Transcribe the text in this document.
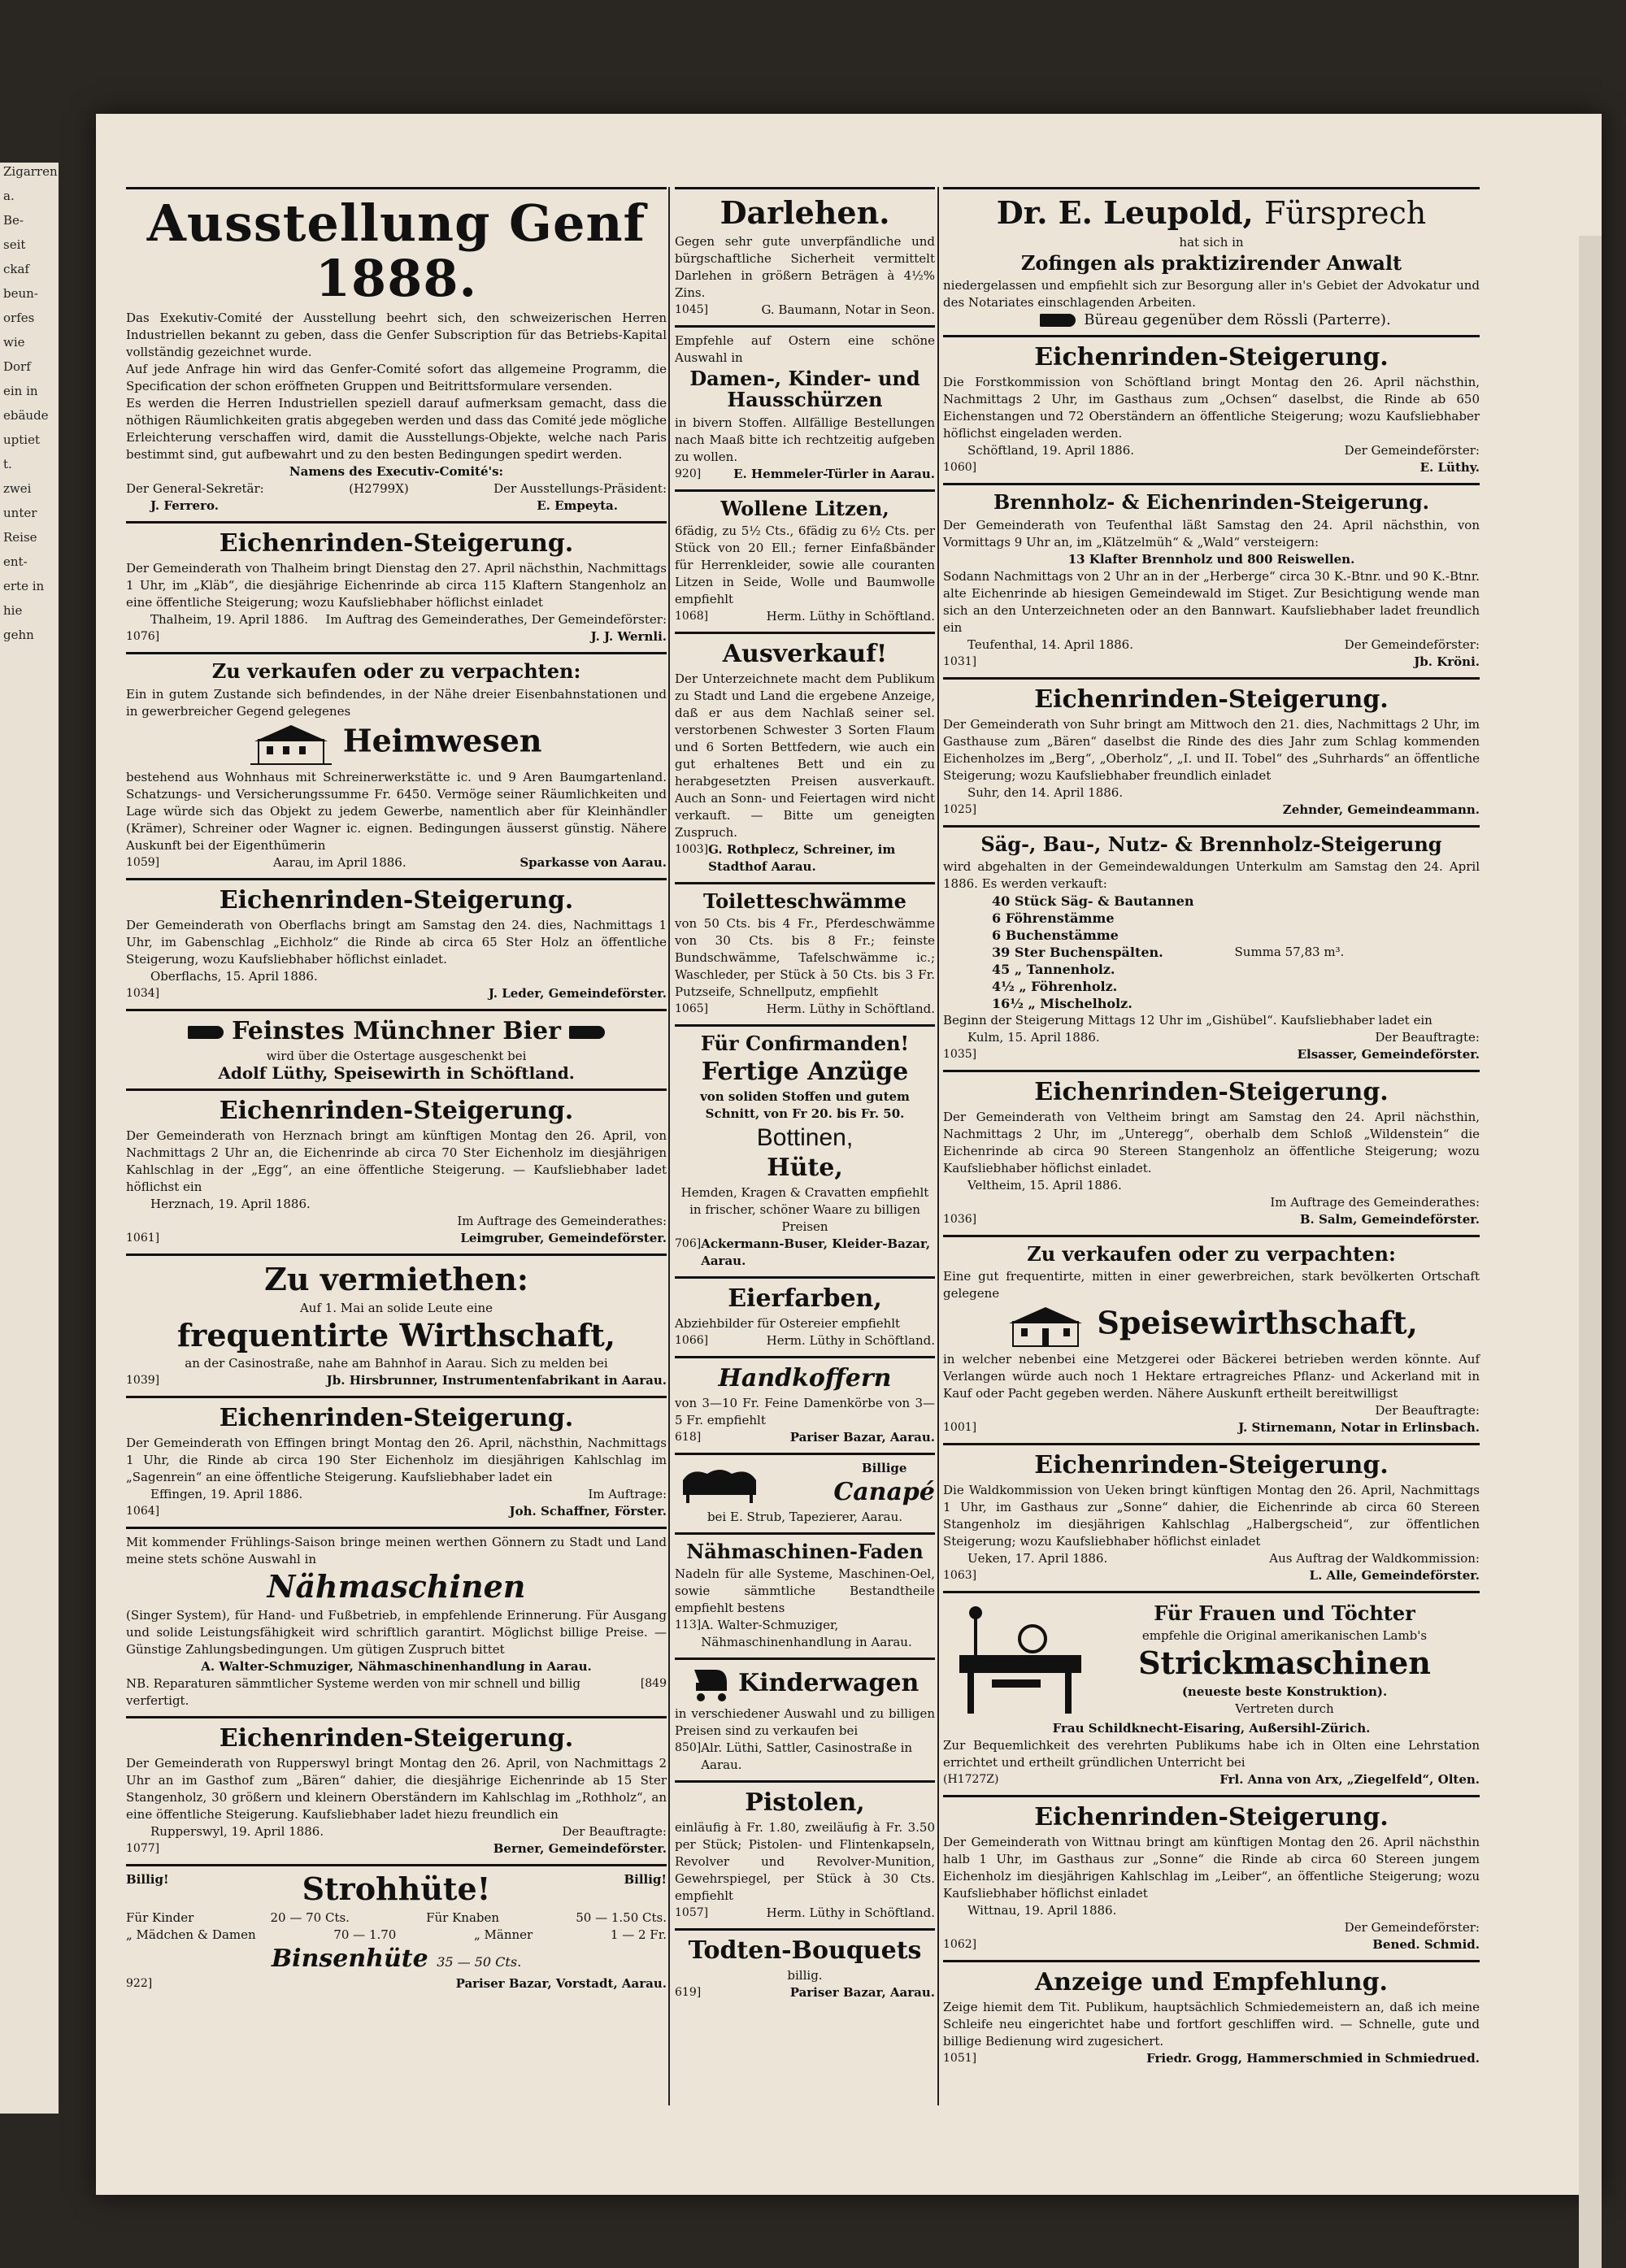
Zigarren

a.

Be-

seit

ckaf

beun-

orfes

wie

Dorf

ein in

ebäude

uptiet

t.

zwei

unter

Reise

ent-

erte in

hie

gehn

Ausstellung Genf 1888.

Das Exekutiv-Comité der Ausstellung beehrt sich, den schweizerischen Herren Industriellen bekannt zu geben, dass die Genfer Subscription für das Betriebs-Kapital vollständig gezeichnet wurde.

Auf jede Anfrage hin wird das Genfer-Comité sofort das allgemeine Programm, die Specification der schon eröffneten Gruppen und Beitrittsformulare versenden.

Es werden die Herren Industriellen speziell darauf aufmerksam gemacht, dass die nöthigen Räumlichkeiten gratis abgegeben werden und dass das Comité jede mögliche Erleichterung verschaffen wird, damit die Ausstellungs-Objekte, welche nach Paris bestimmt sind, gut aufbewahrt und zu den besten Bedingungen spedirt werden.

Namens des Executiv-Comité's:

Der General-Sekretär:	(H2799X)	Der Ausstellungs-Präsident:
J. Ferrero.	E. Empeyta.
Eichenrinden-Steigerung.

Der Gemeinderath von Thalheim bringt Dienstag den 27. April nächsthin, Nachmittags 1 Uhr, im „Kläb“, die diesjährige Eichenrinde ab circa 115 Klaftern Stangenholz an eine öffentliche Steigerung; wozu Kaufsliebhaber höflichst einladet

Thalheim, 19. April 1886. Im Auftrag des Gemeinderathes, Der Gemeindeförster:
1076]	J. J. Wernli.
Zu verkaufen oder zu verpachten:

Ein in gutem Zustande sich befindendes, in der Nähe dreier Eisenbahnstationen und in gewerbreicher Gegend gelegenes

Heimwesen

bestehend aus Wohnhaus mit Schreinerwerkstätte ic. und 9 Aren Baumgartenland. Schatzungs- und Versicherungssumme Fr. 6450. Vermöge seiner Räumlichkeiten und Lage würde sich das Objekt zu jedem Gewerbe, namentlich aber für Kleinhändler (Krämer), Schreiner oder Wagner ic. eignen. Bedingungen äusserst günstig. Nähere Auskunft bei der Eigenthümerin

1059]	Aarau, im April 1886.	Sparkasse von Aarau.
Eichenrinden-Steigerung.

Der Gemeinderath von Oberflachs bringt am Samstag den 24. dies, Nachmittags 1 Uhr, im Gabenschlag „Eichholz“ die Rinde ab circa 65 Ster Holz an öffentliche Steigerung, wozu Kaufsliebhaber höflichst einladet.

Oberflachs, 15. April 1886.

1034]	J. Leder, Gemeindeförster.
Feinstes Münchner Bier

wird über die Ostertage ausgeschenkt bei

Adolf Lüthy, Speisewirth in Schöftland.

Eichenrinden-Steigerung.

Der Gemeinderath von Herznach bringt am künftigen Montag den 26. April, von Nachmittags 2 Uhr an, die Eichenrinde ab circa 70 Ster Eichenholz im diesjährigen Kahlschlag in der „Egg“, an eine öffentliche Steigerung. — Kaufsliebhaber ladet höflichst ein

Herznach, 19. April 1886.

Im Auftrage des Gemeinderathes:

1061]	Leimgruber, Gemeindeförster.
Zu vermiethen:

Auf 1. Mai an solide Leute eine

frequentirte Wirthschaft,

an der Casinostraße, nahe am Bahnhof in Aarau. Sich zu melden bei

1039]	Jb. Hirsbrunner, Instrumentenfabrikant in Aarau.
Eichenrinden-Steigerung.

Der Gemeinderath von Effingen bringt Montag den 26. April, nächsthin, Nachmittags 1 Uhr, die Rinde ab circa 190 Ster Eichenholz im diesjährigen Kahlschlag im „Sagenrein“ an eine öffentliche Steigerung. Kaufsliebhaber ladet ein

Effingen, 19. April 1886.	Im Auftrage:
1064]	Joh. Schaffner, Förster.

Mit kommender Frühlings-Saison bringe meinen werthen Gönnern zu Stadt und Land meine stets schöne Auswahl in

Nähmaschinen

(Singer System), für Hand- und Fußbetrieb, in empfehlende Erinnerung. Für Ausgang und solide Leistungsfähigkeit wird schriftlich garantirt. Möglichst billige Preise. — Günstige Zahlungsbedingungen. Um gütigen Zuspruch bittet

A. Walter-Schmuziger, Nähmaschinenhandlung in Aarau.

NB. Reparaturen sämmtlicher Systeme werden von mir schnell und billig verfertigt.
[849
Eichenrinden-Steigerung.

Der Gemeinderath von Rupperswyl bringt Montag den 26. April, von Nachmittags 2 Uhr an im Gasthof zum „Bären“ dahier, die diesjährige Eichenrinde ab 15 Ster Stangenholz, 30 größern und kleinern Oberständern im Kahlschlag im „Rothholz“, an eine öffentliche Steigerung. Kaufsliebhaber ladet hiezu freundlich ein

Rupperswyl, 19. April 1886.	Der Beauftragte:
1077]	Berner, Gemeindeförster.
Billig!	Billig!
Strohhüte!
Für Kinder	20 — 70 Cts.	Für Knaben	50 — 1.50 Cts.
„ Mädchen & Damen	70 — 1.70	„ Männer	1 — 2 Fr.
Binsenhüte 35 — 50 Cts.
922]	Pariser Bazar, Vorstadt, Aarau.
Darlehen.

Gegen sehr gute unverpfändliche und bürgschaftliche Sicherheit vermittelt Darlehen in größern Beträgen à 4½% Zins.

1045]	G. Baumann, Notar in Seon.

Empfehle auf Ostern eine schöne Auswahl in

Damen-, Kinder- und Hausschürzen

in bivern Stoffen. Allfällige Bestellungen nach Maaß bitte ich rechtzeitig aufgeben zu wollen.

920]	E. Hemmeler-Türler in Aarau.
Wollene Litzen,

6fädig, zu 5½ Cts., 6fädig zu 6½ Cts. per Stück von 20 Ell.; ferner Einfaßbänder für Herrenkleider, sowie alle couranten Litzen in Seide, Wolle und Baumwolle empfiehlt

1068]	Herm. Lüthy in Schöftland.
Ausverkauf!

Der Unterzeichnete macht dem Publikum zu Stadt und Land die ergebene Anzeige, daß er aus dem Nachlaß seiner sel. verstorbenen Schwester 3 Sorten Flaum und 6 Sorten Bettfedern, wie auch ein gut erhaltenes Bett und ein zu herabgesetzten Preisen ausverkauft. Auch an Sonn- und Feiertagen wird nicht verkauft. — Bitte um geneigten Zuspruch.

1003] G. Rothplecz, Schreiner, im Stadthof Aarau.
Toiletteschwämme

von 50 Cts. bis 4 Fr., Pferdeschwämme von 30 Cts. bis 8 Fr.; feinste Bundschwämme, Tafelschwämme ic.; Waschleder, per Stück à 50 Cts. bis 3 Fr. Putzseife, Schnellputz, empfiehlt

1065]	Herm. Lüthy in Schöftland.
Für Confirmanden!
Fertige Anzüge

von soliden Stoffen und gutem Schnitt, von Fr 20. bis Fr. 50.

Bottinen,
Hüte,

Hemden, Kragen & Cravatten empfiehlt in frischer, schöner Waare zu billigen Preisen

706] Ackermann-Buser, Kleider-Bazar, Aarau.
Eierfarben,

Abziehbilder für Ostereier empfiehlt

1066]	Herm. Lüthy in Schöftland.
Handkoffern

von 3—10 Fr. Feine Damenkörbe von 3—5 Fr. empfiehlt

618]	Pariser Bazar, Aarau.
Billige
Canapé

bei E. Strub, Tapezierer, Aarau.

Nähmaschinen-Faden

Nadeln für alle Systeme, Maschinen-Oel, sowie sämmtliche Bestandtheile empfiehlt bestens

113] A. Walter-Schmuziger, Nähmaschinenhandlung in Aarau.
Kinderwagen

in verschiedener Auswahl und zu billigen Preisen sind zu verkaufen bei

850] Alr. Lüthi, Sattler, Casinostraße in Aarau.
Pistolen,

einläufig à Fr. 1.80, zweiläufig à Fr. 3.50 per Stück; Pistolen- und Flintenkapseln, Revolver und Revolver-Munition, Gewehrspiegel, per Stück à 30 Cts. empfiehlt

1057]	Herm. Lüthy in Schöftland.
Todten-Bouquets

billig.

619]	Pariser Bazar, Aarau.
Dr. E. Leupold, Fürsprech

hat sich in

Zofingen als praktizirender Anwalt

niedergelassen und empfiehlt sich zur Besorgung aller in's Gebiet der Advokatur und des Notariates einschlagenden Arbeiten.

Büreau gegenüber dem Rössli (Parterre).

Eichenrinden-Steigerung.

Die Forstkommission von Schöftland bringt Montag den 26. April nächsthin, Nachmittags 2 Uhr, im Gasthaus zum „Ochsen“ daselbst, die Rinde ab 650 Eichenstangen und 72 Oberständern an öffentliche Steigerung; wozu Kaufsliebhaber höflichst eingeladen werden.

Schöftland, 19. April 1886.	Der Gemeindeförster:
1060]	E. Lüthy.
Brennholz- & Eichenrinden-Steigerung.

Der Gemeinderath von Teufenthal läßt Samstag den 24. April nächsthin, von Vormittags 9 Uhr an, im „Klätzelmüh“ & „Wald“ versteigern:

13 Klafter Brennholz und 800 Reiswellen.

Sodann Nachmittags von 2 Uhr an in der „Herberge“ circa 30 K.-Btnr. und 90 K.-Btnr. alte Eichenrinde ab hiesigen Gemeindewald im Stiget. Zur Besichtigung wende man sich an den Unterzeichneten oder an den Bannwart. Kaufsliebhaber ladet freundlich ein

Teufenthal, 14. April 1886.	Der Gemeindeförster:
1031]	Jb. Kröni.
Eichenrinden-Steigerung.

Der Gemeinderath von Suhr bringt am Mittwoch den 21. dies, Nachmittags 2 Uhr, im Gasthause zum „Bären“ daselbst die Rinde des dies Jahr zum Schlag kommenden Eichenholzes im „Berg“, „Oberholz“, „I. und II. Tobel“ des „Suhrhards“ an öffentliche Steigerung; wozu Kaufsliebhaber freundlich einladet

Suhr, den 14. April 1886.

1025]	Zehnder, Gemeindeammann.
Säg-, Bau-, Nutz- & Brennholz-Steigerung

wird abgehalten in der Gemeindewaldungen Unterkulm am Samstag den 24. April 1886. Es werden verkauft:

40 Stück Säg- & Bautannen
6 Föhrenstämme
6 Buchenstämme
39 Ster Buchenspälten.
45 „ Tannenholz.
4½ „ Föhrenholz.
16½ „ Mischelholz.
Summa 57,83 m³.

Beginn der Steigerung Mittags 12 Uhr im „Gishübel“. Kaufsliebhaber ladet ein

Kulm, 15. April 1886.	Der Beauftragte:
1035]	Elsasser, Gemeindeförster.
Eichenrinden-Steigerung.

Der Gemeinderath von Veltheim bringt am Samstag den 24. April nächsthin, Nachmittags 2 Uhr, im „Unteregg“, oberhalb dem Schloß „Wildenstein“ die Eichenrinde ab circa 90 Stereen Stangenholz an öffentliche Steigerung; wozu Kaufsliebhaber höflichst einladet.

Veltheim, 15. April 1886.

Im Auftrage des Gemeinderathes:

1036]	B. Salm, Gemeindeförster.
Zu verkaufen oder zu verpachten:

Eine gut frequentirte, mitten in einer gewerbreichen, stark bevölkerten Ortschaft gelegene

Speisewirthschaft,

in welcher nebenbei eine Metzgerei oder Bäckerei betrieben werden könnte. Auf Verlangen würde auch noch 1 Hektare ertragreiches Pflanz- und Ackerland mit in Kauf oder Pacht gegeben werden. Nähere Auskunft ertheilt bereitwilligst

Der Beauftragte:

1001]	J. Stirnemann, Notar in Erlinsbach.
Eichenrinden-Steigerung.

Die Waldkommission von Ueken bringt künftigen Montag den 26. April, Nachmittags 1 Uhr, im Gasthaus zur „Sonne“ dahier, die Eichenrinde ab circa 60 Stereen Stangenholz im diesjährigen Kahlschlag „Halbergscheid“, zur öffentlichen Steigerung; wozu Kaufsliebhaber höflichst einladet

Ueken, 17. April 1886.	Aus Auftrag der Waldkommission:
1063]	L. Alle, Gemeindeförster.
Für Frauen und Töchter

empfehle die Original amerikanischen Lamb's

Strickmaschinen

(neueste beste Konstruktion).

Vertreten durch

Frau Schildknecht-Eisaring, Außersihl-Zürich.

Zur Bequemlichkeit des verehrten Publikums habe ich in Olten eine Lehrstation errichtet und ertheilt gründlichen Unterricht bei

(H1727Z)	Frl. Anna von Arx, „Ziegelfeld“, Olten.
Eichenrinden-Steigerung.

Der Gemeinderath von Wittnau bringt am künftigen Montag den 26. April nächsthin halb 1 Uhr, im Gasthaus zur „Sonne“ die Rinde ab circa 60 Stereen jungem Eichenholz im diesjährigen Kahlschlag im „Leiber“, an öffentliche Steigerung; wozu Kaufsliebhaber höflichst einladet

Wittnau, 19. April 1886.

Der Gemeindeförster:

1062]	Bened. Schmid.
Anzeige und Empfehlung.

Zeige hiemit dem Tit. Publikum, hauptsächlich Schmiedemeistern an, daß ich meine Schleife neu eingerichtet habe und fortfort geschliffen wird. — Schnelle, gute und billige Bedienung wird zugesichert.

1051]	Friedr. Grogg, Hammerschmied in Schmiedrued.
